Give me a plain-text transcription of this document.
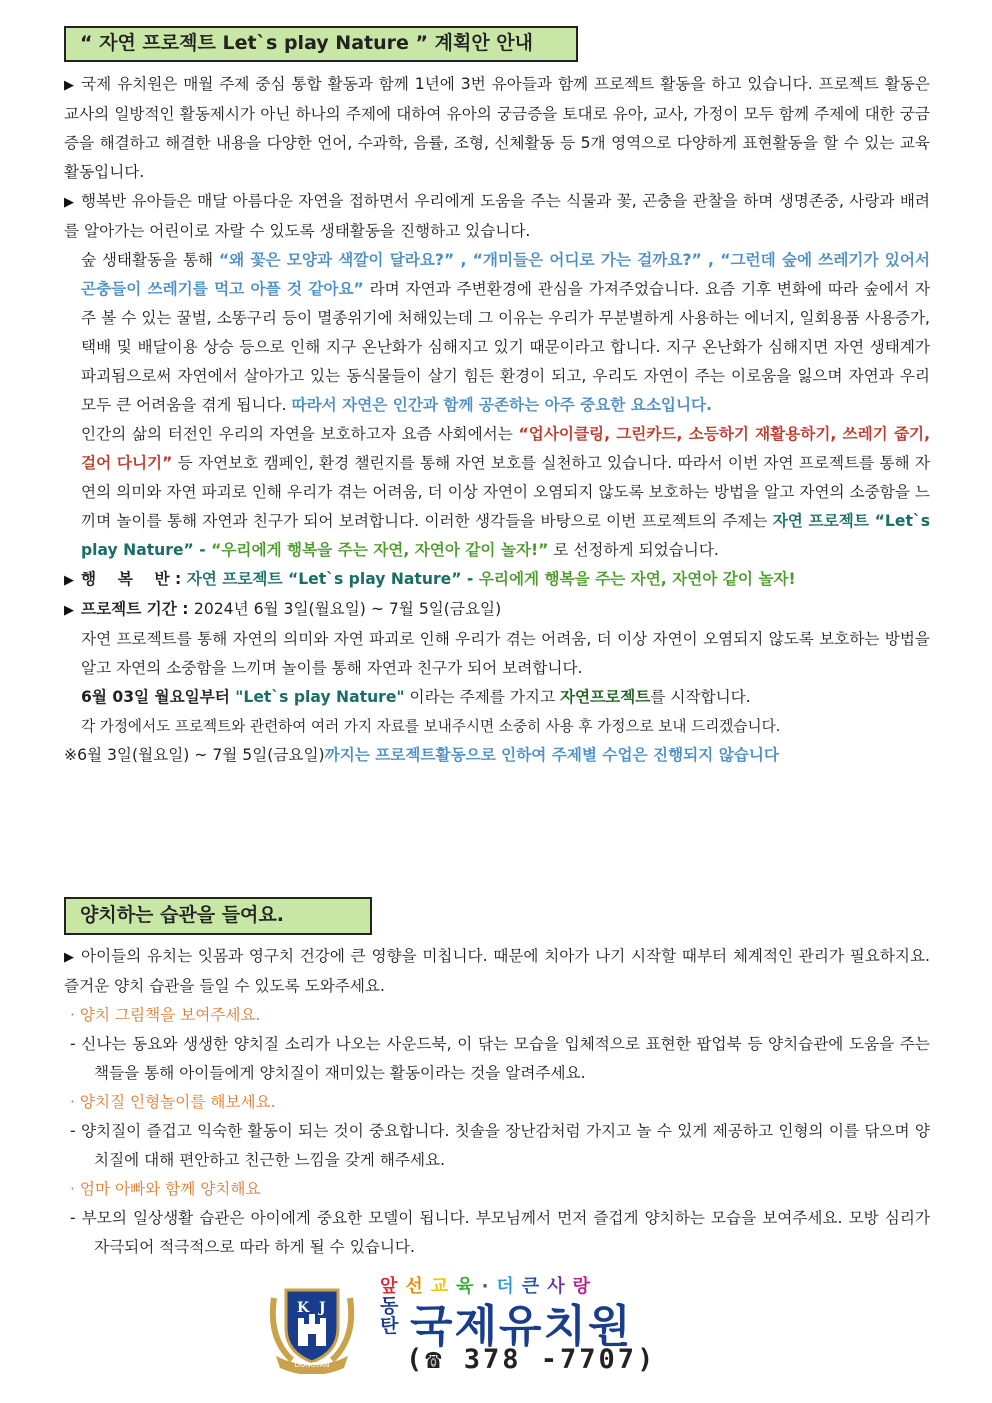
“ 자연 프로젝트 Let`s play Nature ” 계획안 안내

▶ 국제 유치원은 매월 주제 중심 통합 활동과 함께 1년에 3번 유아들과 함께 프로젝트 활동을 하고 있습니다. 프로젝트 활동은 교사의 일방적인 활동제시가 아닌 하나의 주제에 대하여 유아의 궁금증을 토대로 유아, 교사, 가정이 모두 함께 주제에 대한 궁금증을 해결하고 해결한 내용을 다양한 언어, 수과학, 음률, 조형, 신체활동 등 5개 영역으로 다양하게 표현활동을 할 수 있는 교육 활동입니다.

▶ 행복반 유아들은 매달 아름다운 자연을 접하면서 우리에게 도움을 주는 식물과 꽃, 곤충을 관찰을 하며 생명존중, 사랑과 배려를 알아가는 어린이로 자랄 수 있도록 생태활동을 진행하고 있습니다.

숲 생태활동을 통해 “왜 꽃은 모양과 색깔이 달라요?” , “개미들은 어디로 가는 걸까요?” , “그런데 숲에 쓰레기가 있어서 곤충들이 쓰레기를 먹고 아플 것 같아요” 라며 자연과 주변환경에 관심을 가져주었습니다. 요즘 기후 변화에 따라 숲에서 자주 볼 수 있는 꿀벌, 소똥구리 등이 멸종위기에 처해있는데 그 이유는 우리가 무분별하게 사용하는 에너지, 일회용품 사용증가, 택배 및 배달이용 상승 등으로 인해 지구 온난화가 심해지고 있기 때문이라고 합니다. 지구 온난화가 심해지면 자연 생태계가 파괴됨으로써 자연에서 살아가고 있는 동식물들이 살기 힘든 환경이 되고, 우리도 자연이 주는 이로움을 잃으며 자연과 우리 모두 큰 어려움을 겪게 됩니다. 따라서 자연은 인간과 함께 공존하는 아주 중요한 요소입니다.

인간의 삶의 터전인 우리의 자연을 보호하고자 요즘 사회에서는 “업사이클링, 그린카드, 소등하기 재활용하기, 쓰레기 줍기, 걸어 다니기” 등 자연보호 캠페인, 환경 챌린지를 통해 자연 보호를 실천하고 있습니다. 따라서 이번 자연 프로젝트를 통해 자연의 의미와 자연 파괴로 인해 우리가 겪는 어려움, 더 이상 자연이 오염되지 않도록 보호하는 방법을 알고 자연의 소중함을 느끼며 놀이를 통해 자연과 친구가 되어 보려합니다. 이러한 생각들을 바탕으로 이번 프로젝트의 주제는 자연 프로젝트 “Let`s play Nature” - “우리에게 행복을 주는 자연, 자연아 같이 놀자!” 로 선정하게 되었습니다.

▶ 행    복    반 : 자연 프로젝트 “Let`s play Nature” - 우리에게 행복을 주는 자연, 자연아 같이 놀자!

▶ 프로젝트 기간 : 2024년 6월 3일(월요일) ~ 7월 5일(금요일)

자연 프로젝트를 통해 자연의 의미와 자연 파괴로 인해 우리가 겪는 어려움, 더 이상 자연이 오염되지 않도록 보호하는 방법을 알고 자연의 소중함을 느끼며 놀이를 통해 자연과 친구가 되어 보려합니다.

6월 03일 월요일부터 "Let`s play Nature" 이라는 주제를 가지고 자연프로젝트를 시작합니다.

각 가정에서도 프로젝트와 관련하여 여러 가지 자료를 보내주시면 소중히 사용 후 가정으로 보내 드리겠습니다.

※6월 3일(월요일) ~ 7월 5일(금요일)까지는 프로젝트활동으로 인하여 주제별 수업은 진행되지 않습니다

양치하는 습관을 들여요.

▶ 아이들의 유치는 잇몸과 영구치 건강에 큰 영향을 미칩니다. 때문에 치아가 나기 시작할 때부터 체계적인 관리가 필요하지요. 즐거운 양치 습관을 들일 수 있도록 도와주세요.

· 양치 그림책을 보여주세요.

- 신나는 동요와 생생한 양치질 소리가 나오는 사운드북, 이 닦는 모습을 입체적으로 표현한 팝업북 등 양치습관에 도움을 주는 책들을 통해 아이들에게 양치질이 재미있는 활동이라는 것을 알려주세요.

· 양치질 인형놀이를 해보세요.

- 양치질이 즐겁고 익숙한 활동이 되는 것이 중요합니다. 칫솔을 장난감처럼 가지고 놀 수 있게 제공하고 인형의 이를 닦으며 양치질에 대해 편안하고 친근한 느낌을 갖게 해주세요.

· 엄마 아빠와 함께 양치해요

- 부모의 일상생활 습관은 아이에게 중요한 모델이 됩니다. 부모님께서 먼저 즐겁게 양치하는 모습을 보여주세요. 모방 심리가 자극되어 적극적으로 따라 하게 될 수 있습니다.

K J
DONGTAN
앞선교육·더큰사랑
동
탄 국제유치원
(☎ 378 -7707)
